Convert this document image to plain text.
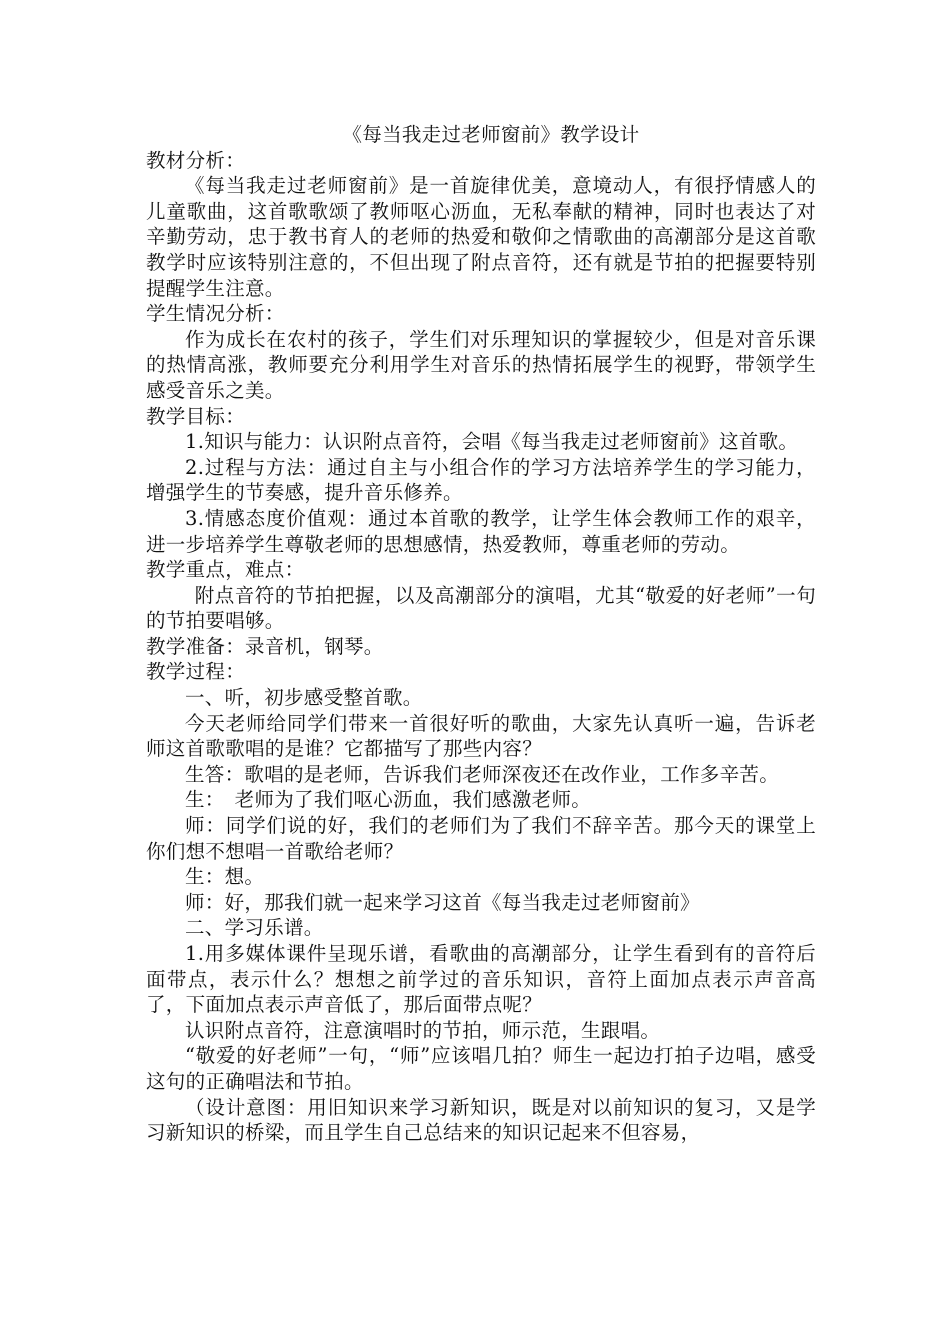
《每当我走过老师窗前》教学设计

教材分析：

《每当我走过老师窗前》是一首旋律优美，意境动人，有很抒情感人的儿童歌曲，这首歌歌颂了教师呕心沥血，无私奉献的精神，同时也表达了对辛勤劳动，忠于教书育人的老师的热爱和敬仰之情歌曲的高潮部分是这首歌教学时应该特别注意的，不但出现了附点音符，还有就是节拍的把握要特别提醒学生注意。

学生情况分析：

作为成长在农村的孩子，学生们对乐理知识的掌握较少，但是对音乐课的热情高涨，教师要充分利用学生对音乐的热情拓展学生的视野，带领学生感受音乐之美。

教学目标：

1.知识与能力：认识附点音符，会唱《每当我走过老师窗前》这首歌。

2.过程与方法：通过自主与小组合作的学习方法培养学生的学习能力，增强学生的节奏感，提升音乐修养。

3.情感态度价值观：通过本首歌的教学，让学生体会教师工作的艰辛，进一步培养学生尊敬老师的思想感情，热爱教师，尊重老师的劳动。

教学重点，难点：

附点音符的节拍把握，以及高潮部分的演唱，尤其“敬爱的好老师”一句的节拍要唱够。

教学准备：录音机，钢琴。

教学过程：

一、听，初步感受整首歌。

今天老师给同学们带来一首很好听的歌曲，大家先认真听一遍，告诉老师这首歌歌唱的是谁？它都描写了那些内容？

生答：歌唱的是老师，告诉我们老师深夜还在改作业，工作多辛苦。

生：　老师为了我们呕心沥血，我们感激老师。

师：同学们说的好，我们的老师们为了我们不辞辛苦。那今天的课堂上你们想不想唱一首歌给老师？

生：想。

师：好，那我们就一起来学习这首《每当我走过老师窗前》

二、学习乐谱。

1.用多媒体课件呈现乐谱，看歌曲的高潮部分，让学生看到有的音符后面带点，表示什么？想想之前学过的音乐知识，音符上面加点表示声音高了，下面加点表示声音低了，那后面带点呢？

认识附点音符，注意演唱时的节拍，师示范，生跟唱。

“敬爱的好老师”一句，“师”应该唱几拍？师生一起边打拍子边唱，感受这句的正确唱法和节拍。

（设计意图：用旧知识来学习新知识，既是对以前知识的复习，又是学习新知识的桥梁，而且学生自己总结来的知识记起来不但容易，
